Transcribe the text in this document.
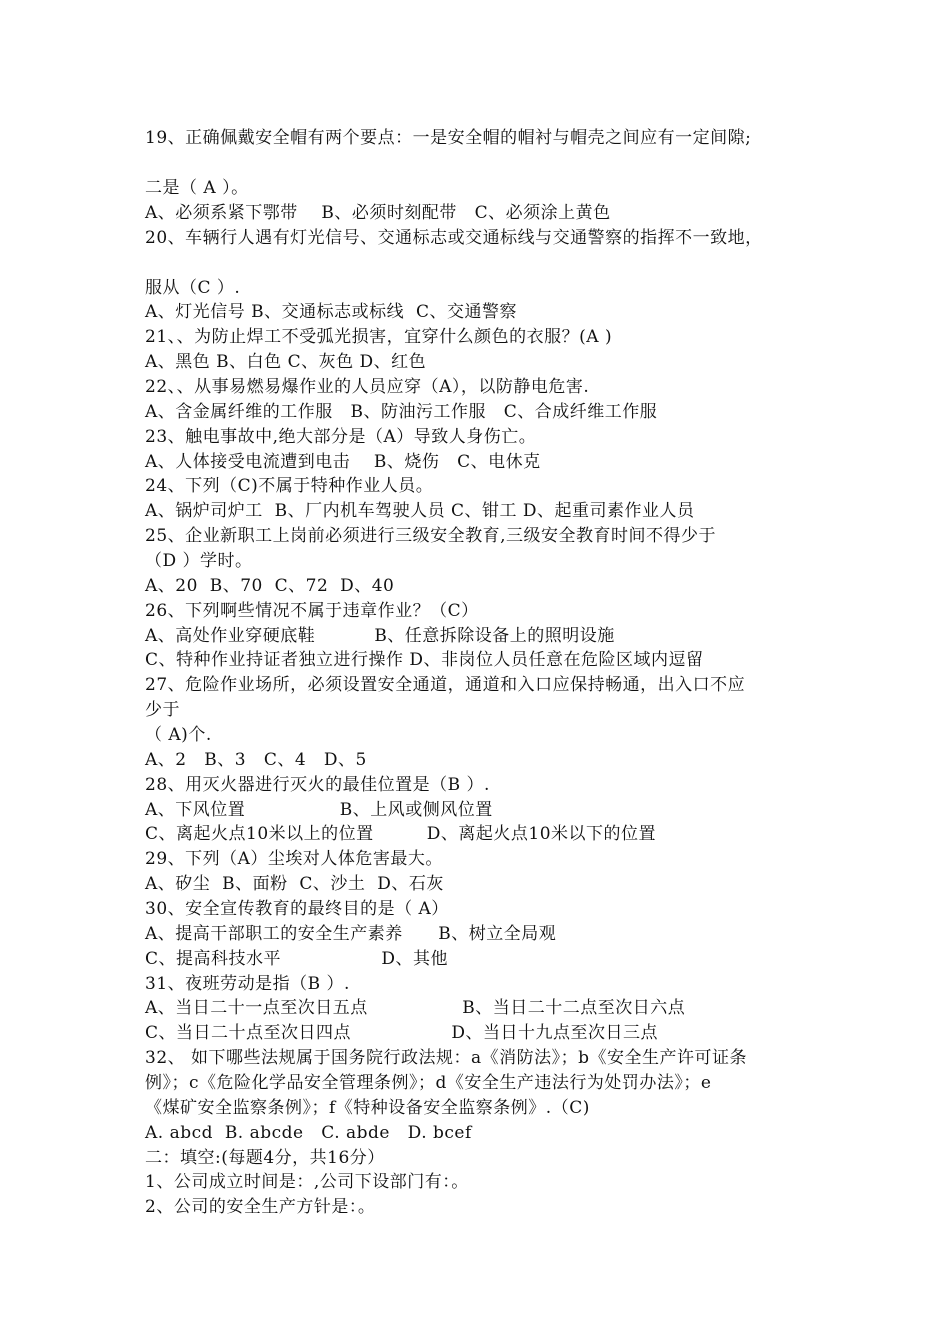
19、正确佩戴安全帽有两个要点：一是安全帽的帽衬与帽壳之间应有一定间隙;
二是（ A ）。
A、必须系紧下鄂带    B、必须时刻配带   C、必须涂上黄色
20、车辆行人遇有灯光信号、交通标志或交通标线与交通警察的指挥不一致地，
服从（C ）.
A、灯光信号 B、交通标志或标线  C、交通警察
21、、为防止焊工不受弧光损害，宜穿什么颜色的衣服？(A )
A、黑色 B、白色 C、灰色 D、红色
22、、从事易燃易爆作业的人员应穿（A），以防静电危害.
A、含金属纤维的工作服   B、防油污工作服   C、合成纤维工作服
23、触电事故中,绝大部分是（A）导致人身伤亡。
A、人体接受电流遭到电击    B、烧伤   C、电休克
24、下列（C)不属于特种作业人员。
A、锅炉司炉工  B、厂内机车驾驶人员 C、钳工 D、起重司素作业人员
25、企业新职工上岗前必须进行三级安全教育,三级安全教育时间不得少于
（D ）学时。
A、20  B、70  C、72  D、40
26、下列啊些情况不属于违章作业？（C）
A、高处作业穿硬底鞋          B、任意拆除设备上的照明设施
C、特种作业持证者独立进行操作 D、非岗位人员任意在危险区域内逗留
27、危险作业场所，必须设置安全通道，通道和入口应保持畅通，出入口不应
少于
（ A)个.
A、2   B、3   C、4   D、5
28、用灭火器进行灭火的最佳位置是（B ）.
A、下风位置                B、上风或侧风位置
C、离起火点10米以上的位置         D、离起火点10米以下的位置
29、下列（A）尘埃对人体危害最大。
A、矽尘  B、面粉  C、沙土  D、石灰
30、安全宣传教育的最终目的是（ A）
A、提高干部职工的安全生产素养      B、树立全局观
C、提高科技水平                 D、其他
31、夜班劳动是指（B ）.
A、当日二十一点至次日五点                B、当日二十二点至次日六点
C、当日二十点至次日四点                 D、当日十九点至次日三点
32、 如下哪些法规属于国务院行政法规：a《消防法》；b《安全生产许可证条
例》；c《危险化学品安全管理条例》；d《安全生产违法行为处罚办法》；e
《煤矿安全监察条例》；f《特种设备安全监察条例》.（C)
A. abcd  B. abcde   C. abde   D. bcef
二：填空:(每题4分，共16分）
1、公司成立时间是：,公司下设部门有：。
2、公司的安全生产方针是：。
